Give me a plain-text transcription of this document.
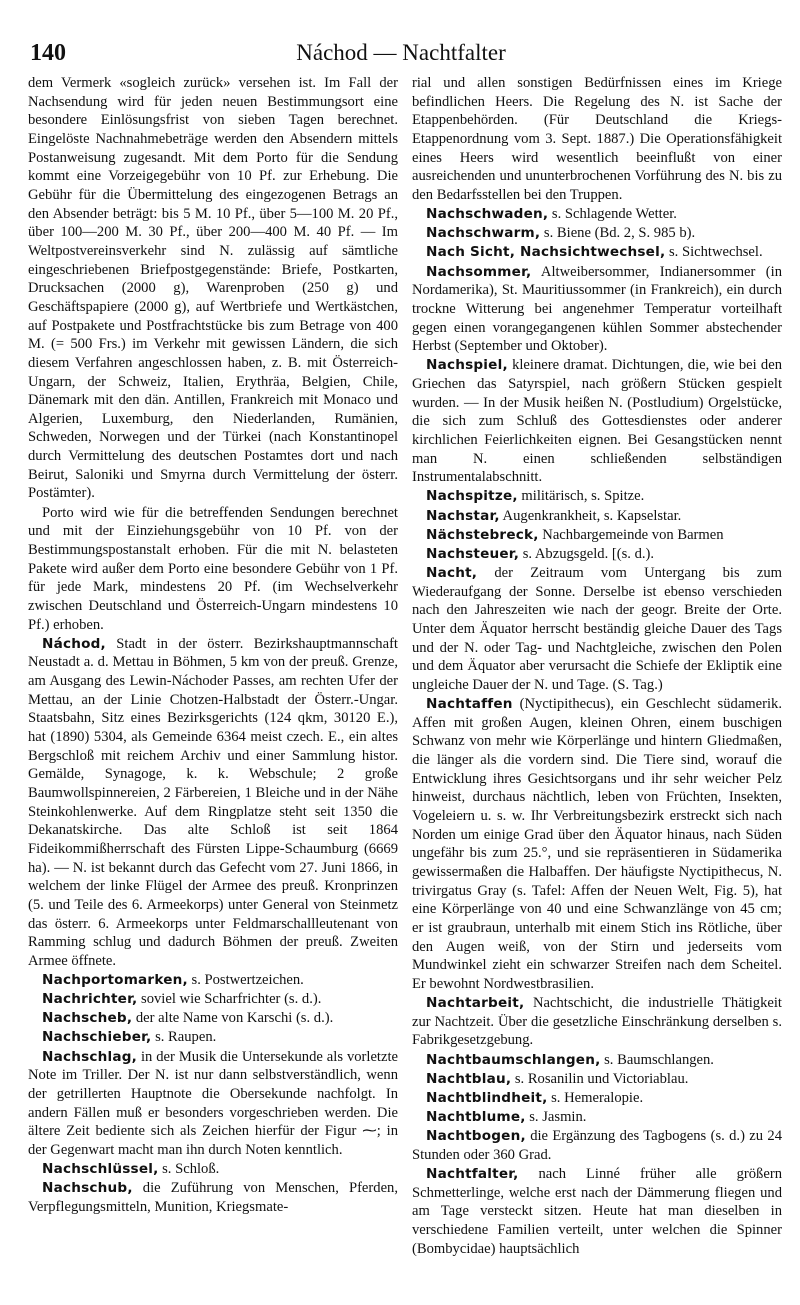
140	Náchod — Nachtfalter

dem Vermerk «sogleich zurück» versehen ist. Im Fall der Nachsendung wird für jeden neuen Bestimmungsort eine besondere Einlösungsfrist von sieben Tagen berechnet. Eingelöste Nachnahmebeträge werden den Absendern mittels Postanweisung zugesandt. Mit dem Porto für die Sendung kommt eine Vorzeigegebühr von 10 Pf. zur Erhebung. Die Gebühr für die Übermittelung des eingezogenen Betrags an den Absender beträgt: bis 5 M. 10 Pf., über 5—100 M. 20 Pf., über 100—200 M. 30 Pf., über 200—400 M. 40 Pf. — Im Weltpostvereinsverkehr sind N. zulässig auf sämtliche eingeschriebenen Briefpostgegenstände: Briefe, Postkarten, Drucksachen (2000 g), Warenproben (250 g) und Geschäftspapiere (2000 g), auf Wertbriefe und Wertkästchen, auf Postpakete und Postfrachtstücke bis zum Betrage von 400 M. (= 500 Frs.) im Verkehr mit gewissen Ländern, die sich diesem Verfahren angeschlossen haben, z. B. mit Österreich-Ungarn, der Schweiz, Italien, Erythräa, Belgien, Chile, Dänemark mit den dän. Antillen, Frankreich mit Monaco und Algerien, Luxemburg, den Niederlanden, Rumänien, Schweden, Norwegen und der Türkei (nach Konstantinopel durch Vermittelung des deutschen Postamtes dort und nach Beirut, Saloniki und Smyrna durch Vermittelung der österr. Postämter).

Porto wird wie für die betreffenden Sendungen berechnet und mit der Einziehungsgebühr von 10 Pf. von der Bestimmungspostanstalt erhoben. Für die mit N. belasteten Pakete wird außer dem Porto eine besondere Gebühr von 1 Pf. für jede Mark, mindestens 20 Pf. (im Wechselverkehr zwischen Deutschland und Österreich-Ungarn mindestens 10 Pf.) erhoben.

Náchod, Stadt in der österr. Bezirkshauptmannschaft Neustadt a. d. Mettau in Böhmen, 5 km von der preuß. Grenze, am Ausgang des Lewin-Náchoder Passes, am rechten Ufer der Mettau, an der Linie Chotzen-Halbstadt der Österr.-Ungar. Staatsbahn, Sitz eines Bezirksgerichts (124 qkm, 30120 E.), hat (1890) 5304, als Gemeinde 6364 meist czech. E., ein altes Bergschloß mit reichem Archiv und einer Sammlung histor. Gemälde, Synagoge, k. k. Webschule; 2 große Baumwollspinnereien, 2 Färbereien, 1 Bleiche und in der Nähe Steinkohlenwerke. Auf dem Ringplatze steht seit 1350 die Dekanatskirche. Das alte Schloß ist seit 1864 Fideikommißherrschaft des Fürsten Lippe-Schaumburg (6669 ha). — N. ist bekannt durch das Gefecht vom 27. Juni 1866, in welchem der linke Flügel der Armee des preuß. Kronprinzen (5. und Teile des 6. Armeekorps) unter General von Steinmetz das österr. 6. Armeekorps unter Feldmarschallleutenant von Ramming schlug und dadurch Böhmen der preuß. Zweiten Armee öffnete.

Nachportomarken, s. Postwertzeichen.

Nachrichter, soviel wie Scharfrichter (s. d.).

Nachscheb, der alte Name von Karschi (s. d.).

Nachschieber, s. Raupen.

Nachschlag, in der Musik die Untersekunde als vorletzte Note im Triller. Der N. ist nur dann selbstverständlich, wenn der getrillerten Hauptnote die Obersekunde nachfolgt. In andern Fällen muß er besonders vorgeschrieben werden. Die ältere Zeit bediente sich als Zeichen hierfür der Figur ⁓; in der Gegenwart macht man ihn durch Noten kenntlich.

Nachschlüssel, s. Schloß.

Nachschub, die Zuführung von Menschen, Pferden, Verpflegungsmitteln, Munition, Kriegsmate-

rial und allen sonstigen Bedürfnissen eines im Kriege befindlichen Heers. Die Regelung des N. ist Sache der Etappenbehörden. (Für Deutschland die Kriegs-Etappenordnung vom 3. Sept. 1887.) Die Operationsfähigkeit eines Heers wird wesentlich beeinflußt von einer ausreichenden und ununterbrochenen Vorführung des N. bis zu den Bedarfsstellen bei den Truppen.

Nachschwaden, s. Schlagende Wetter.

Nachschwarm, s. Biene (Bd. 2, S. 985 b).

Nach Sicht, Nachsichtwechsel, s. Sichtwechsel.

Nachsommer, Altweibersommer, Indianersommer (in Nordamerika), St. Mauritiussommer (in Frankreich), ein durch trockne Witterung bei angenehmer Temperatur vorteilhaft gegen einen vorangegangenen kühlen Sommer abstechender Herbst (September und Oktober).

Nachspiel, kleinere dramat. Dichtungen, die, wie bei den Griechen das Satyrspiel, nach größern Stücken gespielt wurden. — In der Musik heißen N. (Postludium) Orgelstücke, die sich zum Schluß des Gottesdienstes oder anderer kirchlichen Feierlichkeiten eignen. Bei Gesangstücken nennt man N. einen schließenden selbständigen Instrumentalabschnitt.

Nachspitze, militärisch, s. Spitze.

Nachstar, Augenkrankheit, s. Kapselstar.

Nächstebreck, Nachbargemeinde von Barmen

Nachsteuer, s. Abzugsgeld. [(s. d.).

Nacht, der Zeitraum vom Untergang bis zum Wiederaufgang der Sonne. Derselbe ist ebenso verschieden nach den Jahreszeiten wie nach der geogr. Breite der Orte. Unter dem Äquator herrscht beständig gleiche Dauer des Tags und der N. oder Tag- und Nachtgleiche, zwischen den Polen und dem Äquator aber verursacht die Schiefe der Ekliptik eine ungleiche Dauer der N. und Tage. (S. Tag.)

Nachtaffen (Nyctipithecus), ein Geschlecht südamerik. Affen mit großen Augen, kleinen Ohren, einem buschigen Schwanz von mehr wie Körperlänge und hintern Gliedmaßen, die länger als die vordern sind. Die Tiere sind, worauf die Entwicklung ihres Gesichtsorgans und ihr sehr weicher Pelz hinweist, durchaus nächtlich, leben von Früchten, Insekten, Vogeleiern u. s. w. Ihr Verbreitungsbezirk erstreckt sich nach Norden um einige Grad über den Äquator hinaus, nach Süden ungefähr bis zum 25.°, und sie repräsentieren in Südamerika gewissermaßen die Halbaffen. Der häufigste Nyctipithecus, N. trivirgatus Gray (s. Tafel: Affen der Neuen Welt, Fig. 5), hat eine Körperlänge von 40 und eine Schwanzlänge von 45 cm; er ist graubraun, unterhalb mit einem Stich ins Rötliche, über den Augen weiß, von der Stirn und jederseits vom Mundwinkel zieht ein schwarzer Streifen nach dem Scheitel. Er bewohnt Nordwestbrasilien.

Nachtarbeit, Nachtschicht, die industrielle Thätigkeit zur Nachtzeit. Über die gesetzliche Einschränkung derselben s. Fabrikgesetzgebung.

Nachtbaumschlangen, s. Baumschlangen.

Nachtblau, s. Rosanilin und Victoriablau.

Nachtblindheit, s. Hemeralopie.

Nachtblume, s. Jasmin.

Nachtbogen, die Ergänzung des Tagbogens (s. d.) zu 24 Stunden oder 360 Grad.

Nachtfalter, nach Linné früher alle größern Schmetterlinge, welche erst nach der Dämmerung fliegen und am Tage versteckt sitzen. Heute hat man dieselben in verschiedene Familien verteilt, unter welchen die Spinner (Bombycidae) hauptsächlich
